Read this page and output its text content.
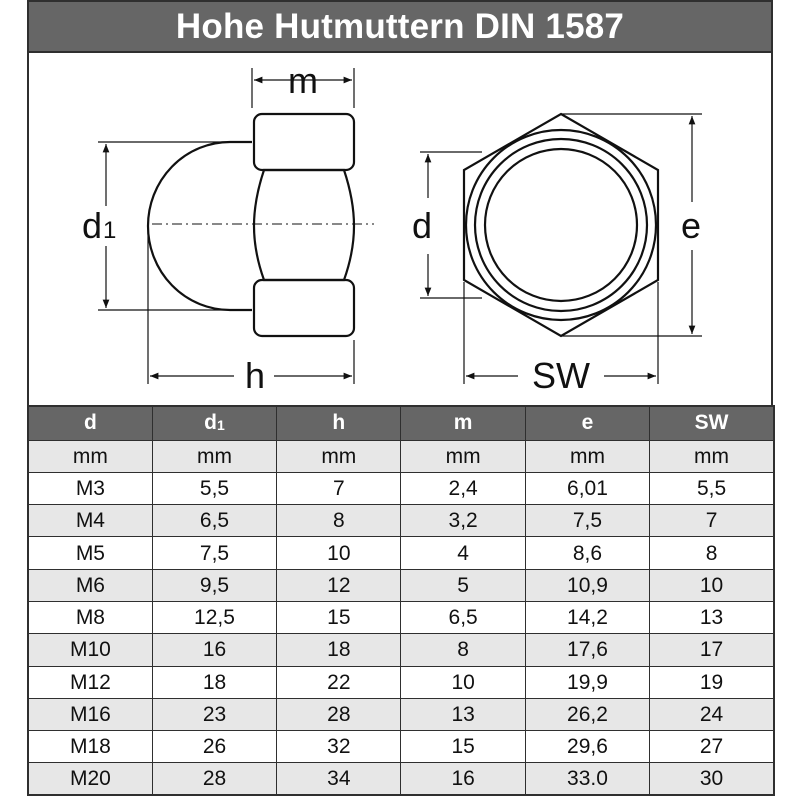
Hohe Hutmuttern DIN 1587
m
d1
h
d	e
SW
d	$d_1$	h	m	e	SW
mm	mm	mm	mm	mm	mm
M3	5,5	7	2,4	6,01	5,5
M4	6,5	8	3,2	7,5	7
M5	7,5	10	4	8,6	8
M6	9,5	12	5	10,9	10
M8	12,5	15	6,5	14,2	13
M10	16	18	8	17,6	17
M12	18	22	10	19,9	19
M16	23	28	13	26,2	24
M18	26	32	15	29,6	27
M20	28	34	16	33.0	30
